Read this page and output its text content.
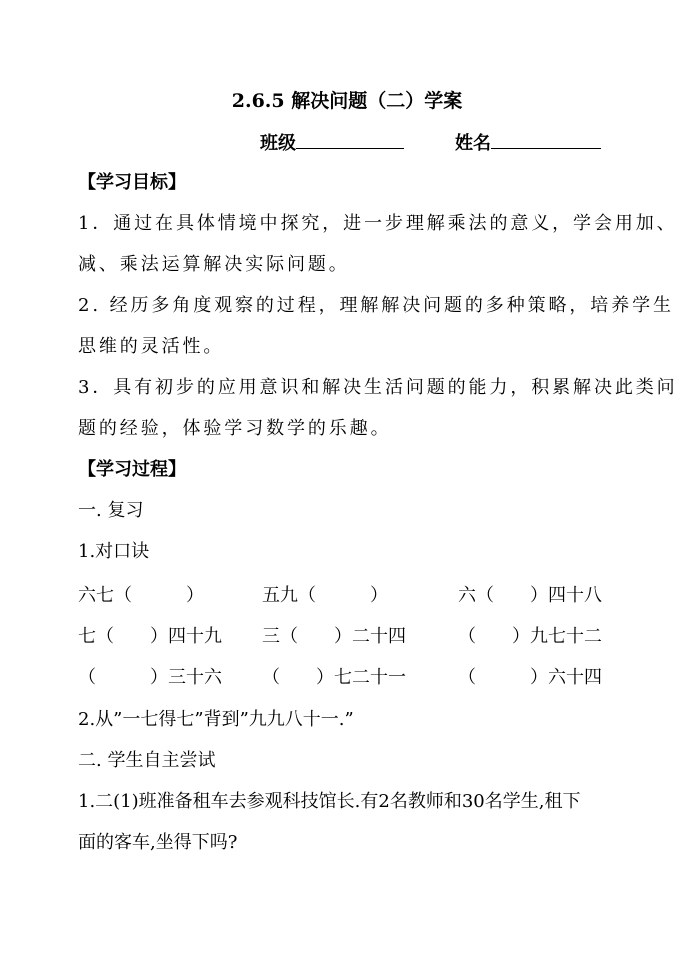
2.6.5 解决问题（二）学案
班级	姓名
【学习目标】
1．通过在具体情境中探究，进一步理解乘法的意义，学会用加、
减、乘法运算解决实际问题。
2. 经历多角度观察的过程，理解解决问题的多种策略，培养学生
思维的灵活性。
3．具有初步的应用意识和解决生活问题的能力，积累解决此类问
题的经验，体验学习数学的乐趣。
【学习过程】
一. 复习
1.对口诀
六七（　　　）	五九（　　　）	六（　　）四十八
七（　　）四十九 三（　　）二十四	（　　）九七十二
（　　　）三十六 （　　）七二十一	（　　　）六十四
2.从”一七得七”背到”九九八十一.”
二. 学生自主尝试
1.二(1)班准备租车去参观科技馆长.有2名教师和30名学生,租下
面的客车,坐得下吗?
